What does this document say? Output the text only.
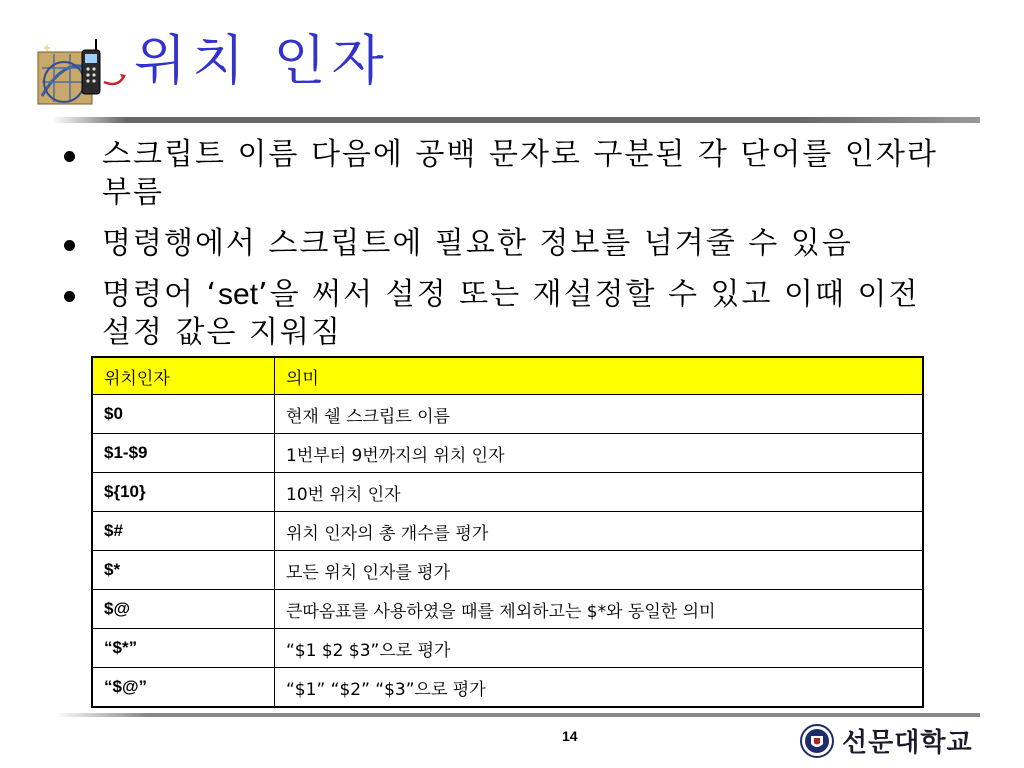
위치 인자
스크립트 이름 다음에 공백 문자로 구분된 각 단어를 인자라 부름
명령행에서 스크립트에 필요한 정보를 넘겨줄 수 있음
명령어 ‘set’을 써서 설정 또는 재설정할 수 있고 이때 이전 설정 값은 지워짐
위치인자	의미
$0	현재 쉘 스크립트 이름
$1-$9	1번부터 9번까지의 위치 인자
${10}	10번 위치 인자
$#	위치 인자의 총 개수를 평가
$*	모든 위치 인자를 평가
$@	큰따옴표를 사용하였을 때를 제외하고는 $*와 동일한 의미
“$*”	“$1 $2 $3”으로 평가
“$@”	“$1” “$2” “$3”으로 평가
14	선문대학교
